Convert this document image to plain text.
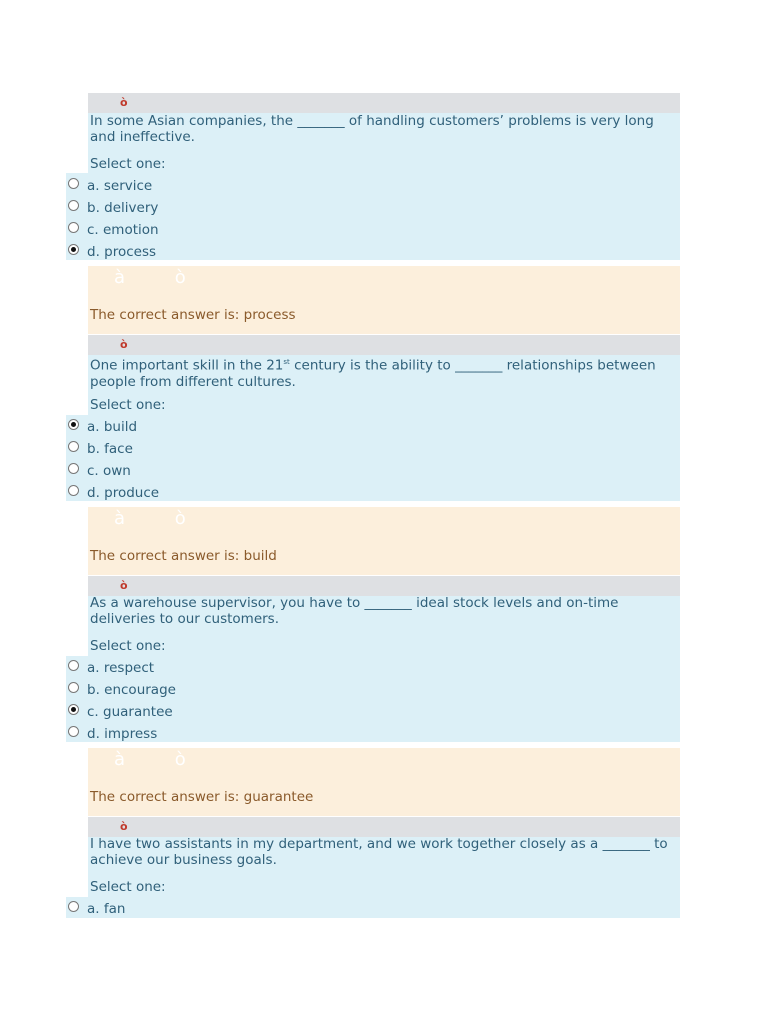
ò

In some Asian companies, the _______ of handling customers’ problems is very long and ineffective.

Select one:
a. service
b. delivery
c. emotion
d. process
à ò
The correct answer is: process
ò

One important skill in the 21st century is the ability to _______ relationships between people from different cultures.

Select one:
a. build
b. face
c. own
d. produce
à ò
The correct answer is: build
ò

As a warehouse supervisor, you have to _______ ideal stock levels and on-time deliveries to our customers.

Select one:
a. respect
b. encourage
c. guarantee
d. impress
à ò
The correct answer is: guarantee
ò

I have two assistants in my department, and we work together closely as a _______ to achieve our business goals.

Select one:
a. fan
